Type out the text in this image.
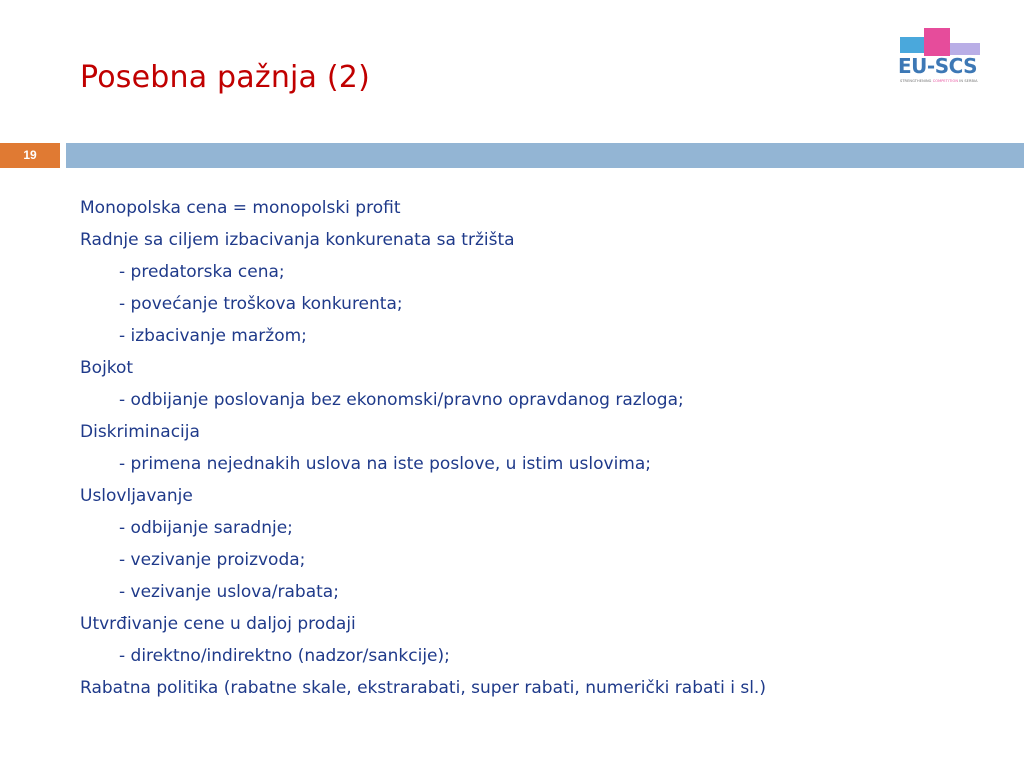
Posebna pažnja (2)	EU-SCS
STRENGTHENING COMPETITION IN SERBIA
19
Monopolska cena = monopolski profit
Radnje sa ciljem izbacivanja konkurenata sa tržišta
- predatorska cena;
- povećanje troškova konkurenta;
- izbacivanje maržom;
Bojkot
- odbijanje poslovanja bez ekonomski/pravno opravdanog razloga;
Diskriminacija
- primena nejednakih uslova na iste poslove, u istim uslovima;
Uslovljavanje
- odbijanje saradnje;
- vezivanje proizvoda;
- vezivanje uslova/rabata;
Utvrđivanje cene u daljoj prodaji
- direktno/indirektno (nadzor/sankcije);
Rabatna politika (rabatne skale, ekstrarabati, super rabati, numerički rabati i sl.)
